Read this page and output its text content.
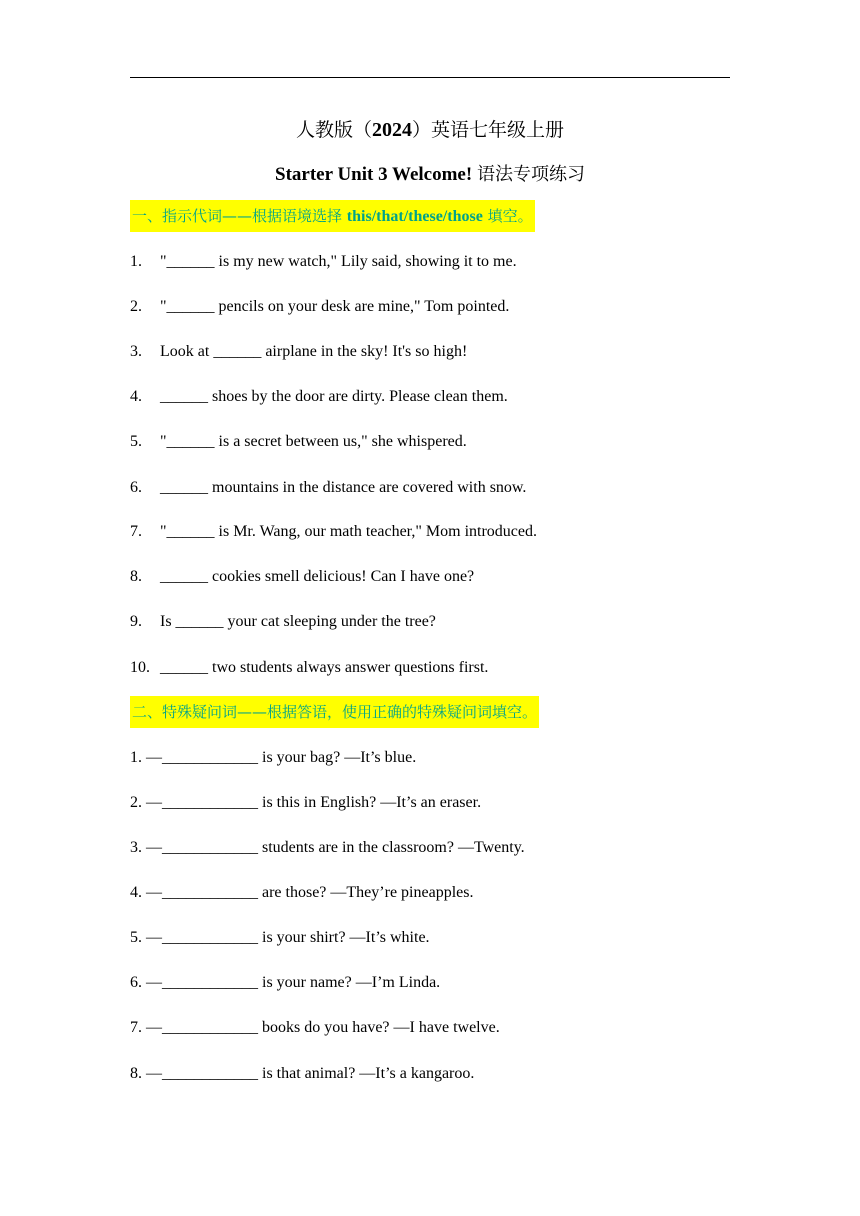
人教版（2024）英语七年级上册
Starter Unit 3 Welcome! 语法专项练习
一、指示代词——根据语境选择 this/that/these/those 填空。
1. "______ is my new watch," Lily said, showing it to me.
2. "______ pencils on your desk are mine," Tom pointed.
3. Look at ______ airplane in the sky! It's so high!
4. ______ shoes by the door are dirty. Please clean them.
5. "______ is a secret between us," she whispered.
6. ______ mountains in the distance are covered with snow.
7. "______ is Mr. Wang, our math teacher," Mom introduced.
8. ______ cookies smell delicious! Can I have one?
9. Is ______ your cat sleeping under the tree?
10. ______ two students always answer questions first.
二、特殊疑问词——根据答语，使用正确的特殊疑问词填空。
1. —____________ is your bag? —It’s blue.
2. —____________ is this in English? —It’s an eraser.
3. —____________ students are in the classroom? —Twenty.
4. —____________ are those? —They’re pineapples.
5. —____________ is your shirt? —It’s white.
6. —____________ is your name? —I’m Linda.
7. —____________ books do you have? —I have twelve.
8. —____________ is that animal? —It’s a kangaroo.
